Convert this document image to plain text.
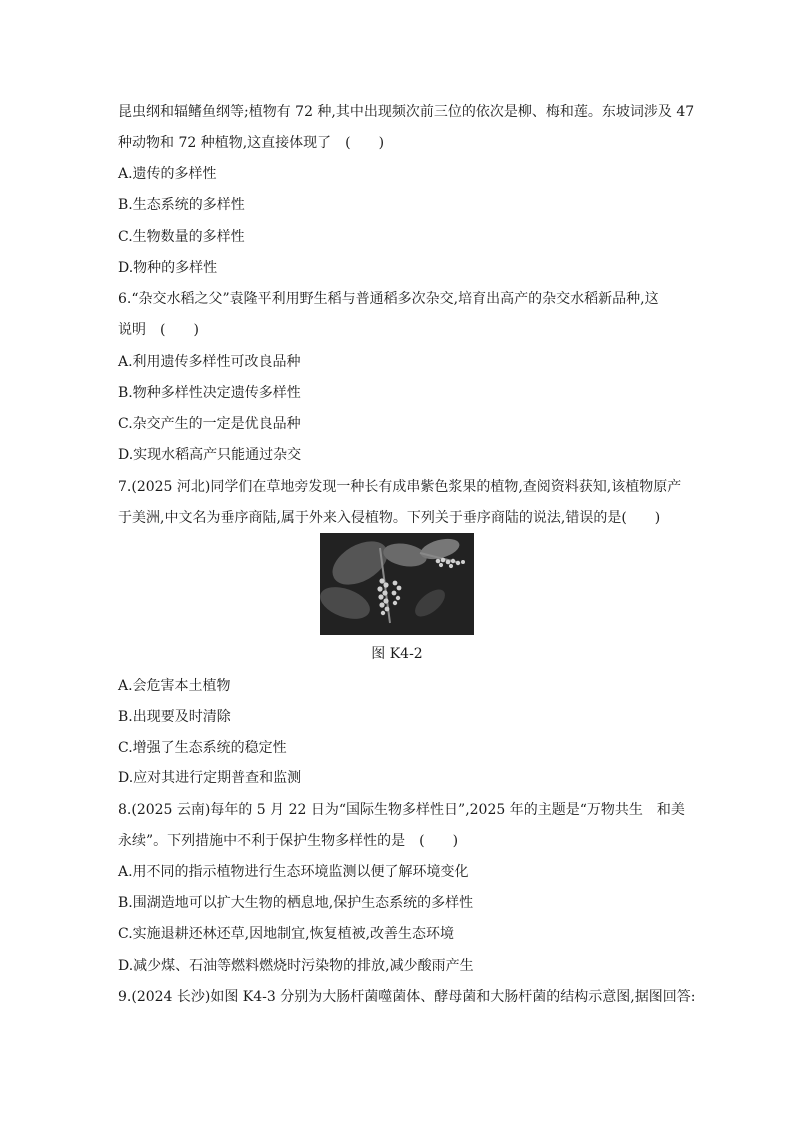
昆虫纲和辐鳍鱼纲等;植物有 72 种,其中出现频次前三位的依次是柳、梅和莲。东坡词涉及 47
种动物和 72 种植物,这直接体现了　(　　)
A.遗传的多样性
B.生态系统的多样性
C.生物数量的多样性
D.物种的多样性
6.“杂交水稻之父”袁隆平利用野生稻与普通稻多次杂交,培育出高产的杂交水稻新品种,这
说明　(　　)
A.利用遗传多样性可改良品种
B.物种多样性决定遗传多样性
C.杂交产生的一定是优良品种
D.实现水稻高产只能通过杂交
7.(2025 河北)同学们在草地旁发现一种长有成串紫色浆果的植物,查阅资料获知,该植物原产
于美洲,中文名为垂序商陆,属于外来入侵植物。下列关于垂序商陆的说法,错误的是(　　)
图 K4-2
A.会危害本土植物
B.出现要及时清除
C.增强了生态系统的稳定性
D.应对其进行定期普查和监测
8.(2025 云南)每年的 5 月 22 日为“国际生物多样性日”,2025 年的主题是“万物共生　和美
永续”。下列措施中不利于保护生物多样性的是　(　　)
A.用不同的指示植物进行生态环境监测以便了解环境变化
B.围湖造地可以扩大生物的栖息地,保护生态系统的多样性
C.实施退耕还林还草,因地制宜,恢复植被,改善生态环境
D.减少煤、石油等燃料燃烧时污染物的排放,减少酸雨产生
9.(2024 长沙)如图 K4-3 分别为大肠杆菌噬菌体、酵母菌和大肠杆菌的结构示意图,据图回答:
